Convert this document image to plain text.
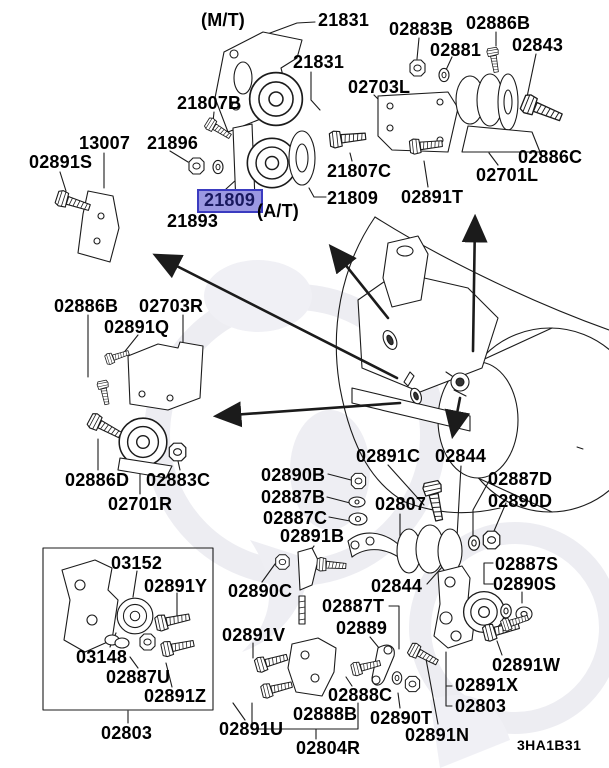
(M/T)	21831
21831
02883B 02886B
02881 02843
02703L
21807B
13007 21896
02891S	21807C
02886C
02701L
21809 02891T
21809
(A/T)
21893
02886B 02703R
02891Q
02886D 02883C
02701R
02890B
02887B
02887C
02891C 02844
02807
02887D
02890D
02891B
02890C	02844
02887S
02890S
03152
02891Y
03148
02887U
02891Z
02803
02887T
02889
02891V
02891U
02888B
02888C
02890T
02804R
02891W
02891X
02803
02891N	3HA1B31
